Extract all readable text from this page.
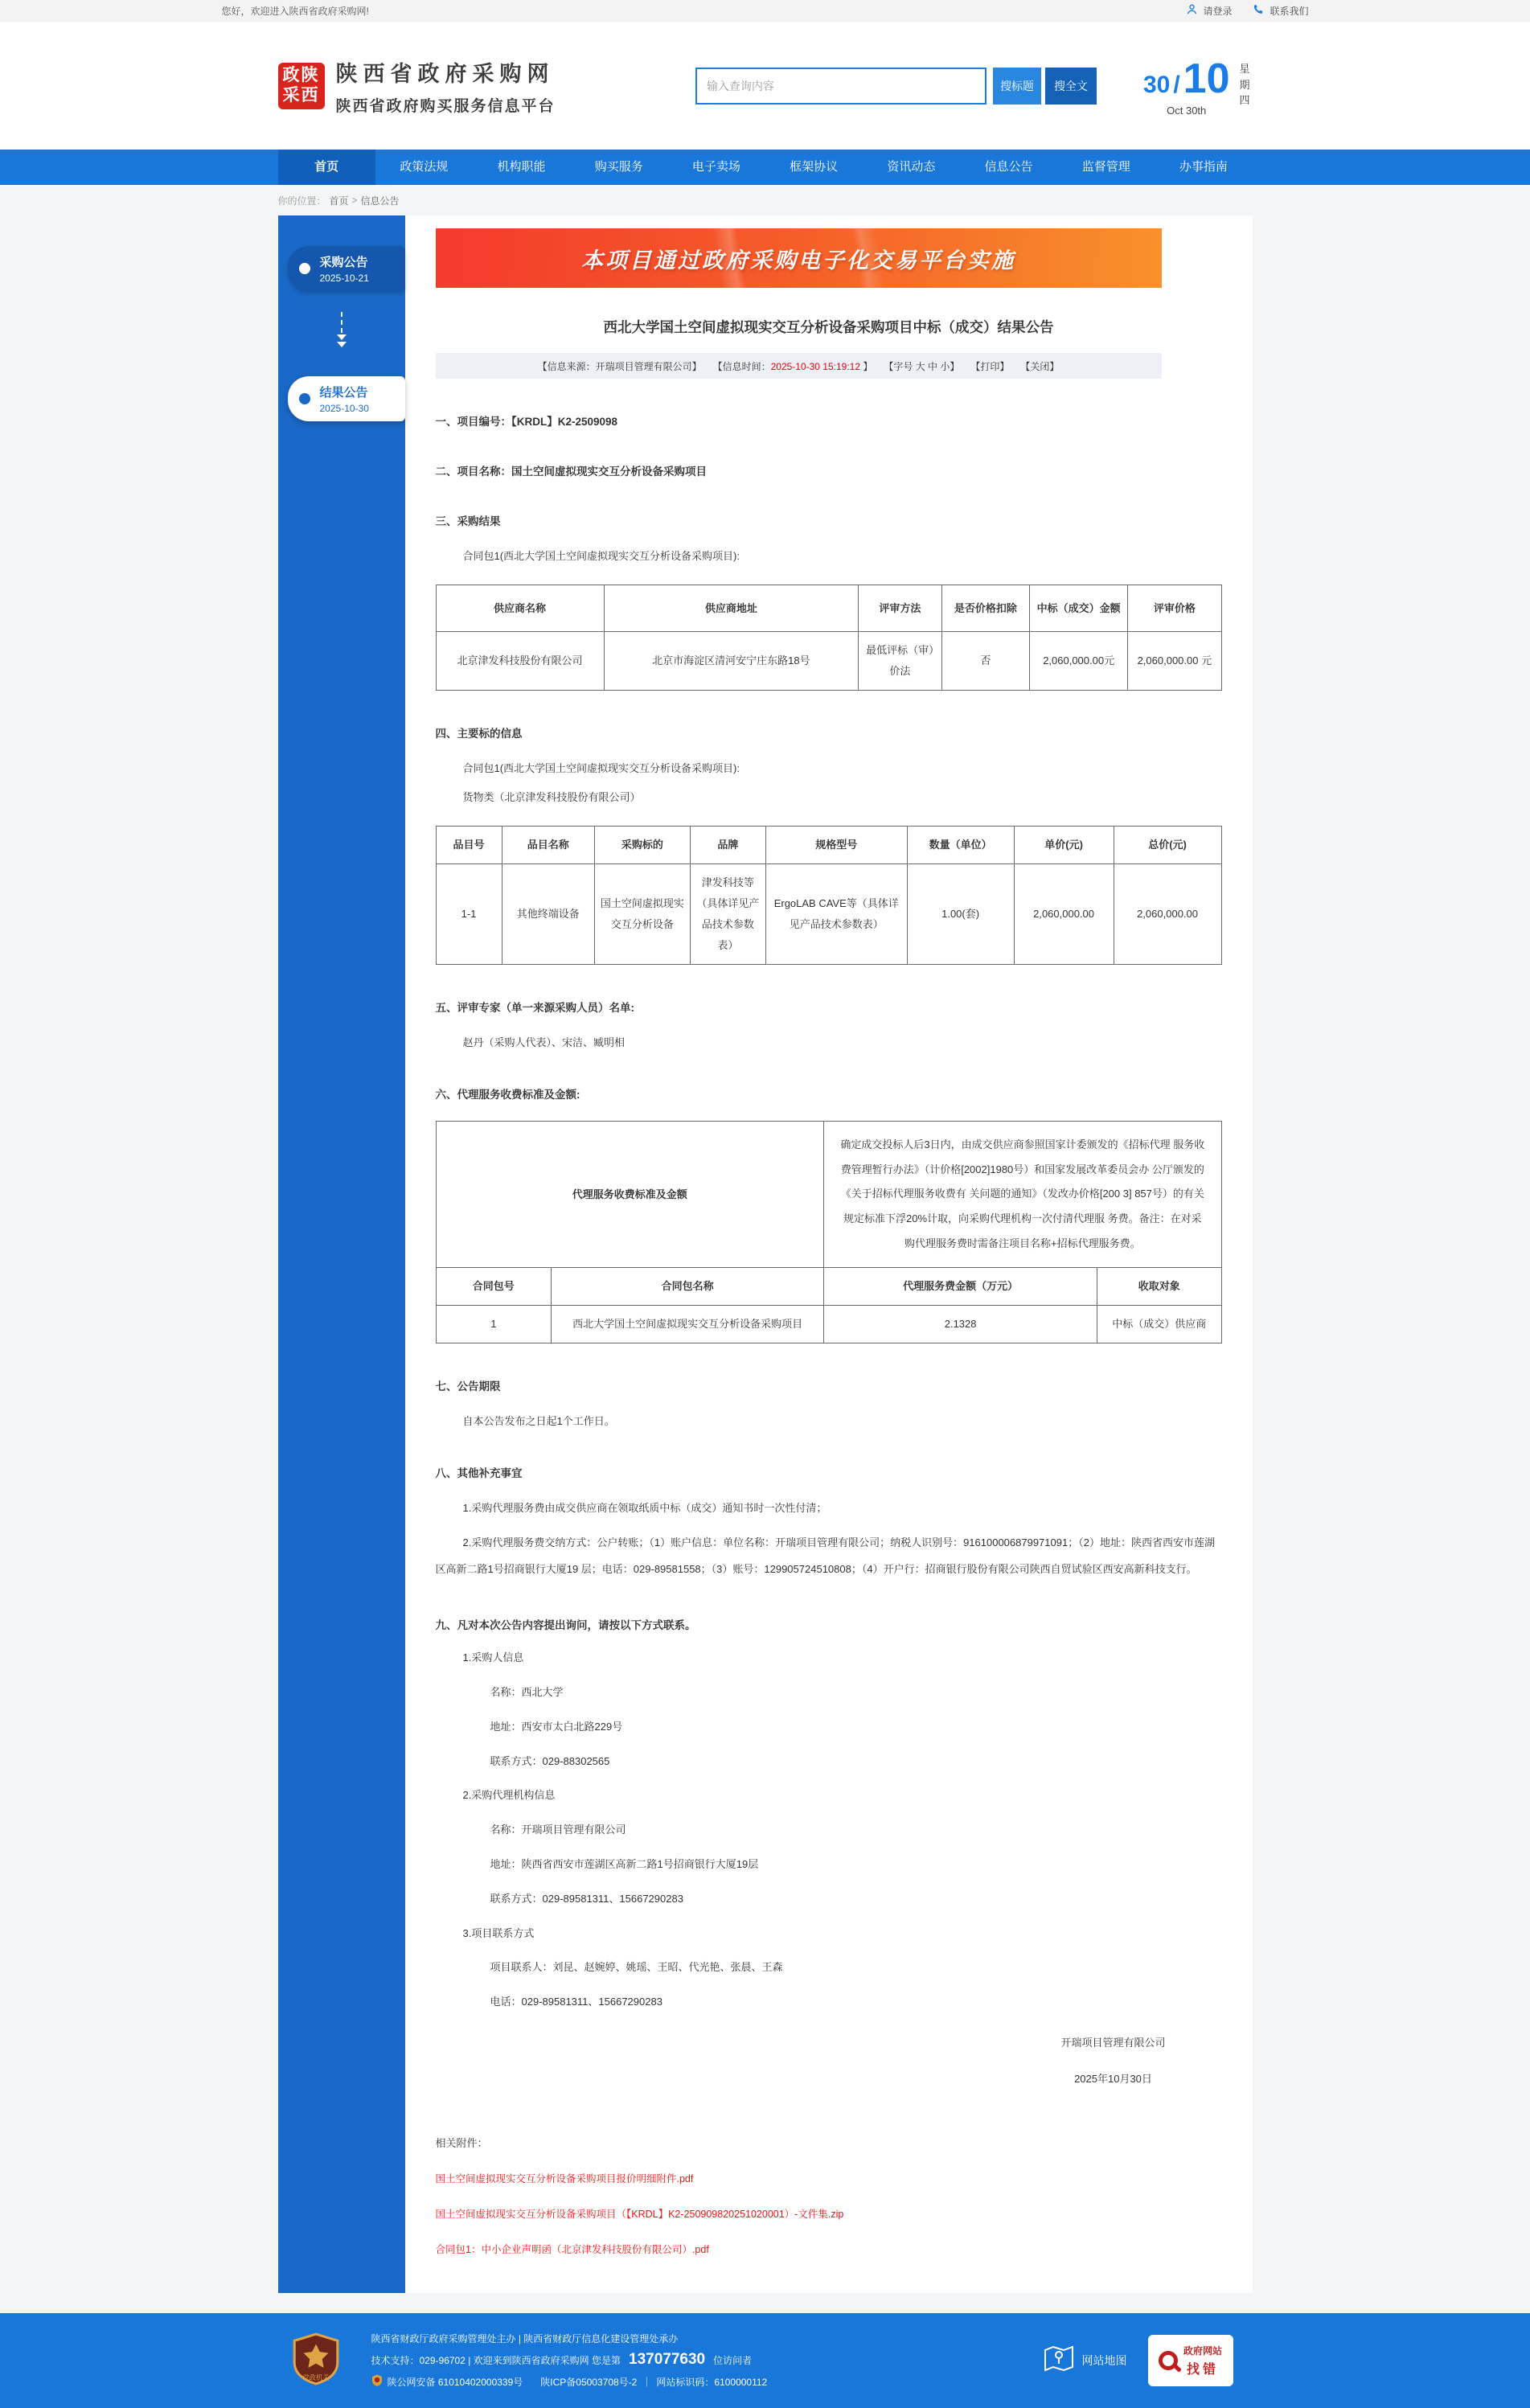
您好，欢迎进入陕西省政府采购网!	请登录	联系我们
政陕
采西
陕西省政府采购网
陕西省政府购买服务信息平台
输入查询内容
搜标题	搜全文	30 /10
Oct 30th
星期四
首页	政策法规	机构职能	购买服务	电子卖场	框架协议	资讯动态	信息公告	监督管理	办事指南
你的位置： 首页 > 信息公告
采购公告
2025-10-21
结果公告
2025-10-30
本项目通过政府采购电子化交易平台实施
西北大学国土空间虚拟现实交互分析设备采购项目中标（成交）结果公告
【信息来源：开瑞项目管理有限公司】 【信息时间：2025-10-30 15:19:12 】 【字号 大 中 小】 【打印】 【关闭】
一、项目编号：【KRDL】K2-2509098
二、项目名称：国土空间虚拟现实交互分析设备采购项目
三、采购结果

合同包1(西北大学国土空间虚拟现实交互分析设备采购项目):

供应商名称	供应商地址	评审方法	是否价格扣除	中标（成交）金额	评审价格
北京津发科技股份有限公司	北京市海淀区清河安宁庄东路18号	最低评标（审）价法	否	2,060,000.00元	2,060,000.00 元
四、主要标的信息

合同包1(西北大学国土空间虚拟现实交互分析设备采购项目):

货物类（北京津发科技股份有限公司）

品目号	品目名称	采购标的	品牌	规格型号	数量（单位）	单价(元)	总价(元)
1-1	其他终端设备	国土空间虚拟现实交互分析设备	津发科技等（具体详见产品技术参数表）	ErgoLAB CAVE等（具体详见产品技术参数表）	1.00(套)	2,060,000.00	2,060,000.00
五、评审专家（单一来源采购人员）名单:

赵丹（采购人代表）、宋洁、臧明相

六、代理服务收费标准及金额:
代理服务收费标准及金额		确定成交投标人后3日内，由成交供应商参照国家计委颁发的《招标代理 服务收费管理暂行办法》（计价格[2002]1980号）和国家发展改革委员会办 公厅颁发的《关于招标代理服务收费有 关问题的通知》（发改办价格[200 3] 857号）的有关规定标准下浮20%计取，向采购代理机构一次付清代理服 务费。备注：在对采购代理服务费时需备注项目名称+招标代理服务费。	
合同包号	合同包名称	代理服务费金额（万元）	收取对象
1	西北大学国土空间虚拟现实交互分析设备采购项目	2.1328	中标（成交）供应商
七、公告期限

自本公告发布之日起1个工作日。

八、其他补充事宜

1.采购代理服务费由成交供应商在领取纸质中标（成交）通知书时一次性付清；

2.采购代理服务费交纳方式：公户转账；（1）账户信息：单位名称：开瑞项目管理有限公司；纳税人识别号：916100006879971091；（2）地址：陕西省西安市莲湖区高新二路1号招商银行大厦19 层；电话：029-89581558；（3）账号：129905724510808；（4）开户行：招商银行股份有限公司陕西自贸试验区西安高新科技支行。

九、凡对本次公告内容提出询问，请按以下方式联系。

1.采购人信息

名称：西北大学

地址：西安市太白北路229号

联系方式：029-88302565

2.采购代理机构信息

名称：开瑞项目管理有限公司

地址：陕西省西安市莲湖区高新二路1号招商银行大厦19层

联系方式：029-89581311、15667290283

3.项目联系方式

项目联系人：刘昆、赵婉婷、姚瑶、王昭、代光艳、张晨、王森

电话：029-89581311、15667290283

开瑞项目管理有限公司
2025年10月30日
相关附件：
国土空间虚拟现实交互分析设备采购项目报价明细附件.pdf
国土空间虚拟现实交互分析设备采购项目（【KRDL】K2-250909820251020001）-文件集.zip
合同包1：中小企业声明函（北京津发科技股份有限公司）.pdf
党政机关
陕西省财政厅政府采购管理处主办 | 陕西省财政厅信息化建设管理处承办
技术支持：029-96702 | 欢迎来到陕西省政府采购网 您是第 137077630 位访问者
陕公网安备 61010402000339号 陕ICP备05003708号-2 ｜ 网站标识码：6100000112
网站地图
政府网站
找错
